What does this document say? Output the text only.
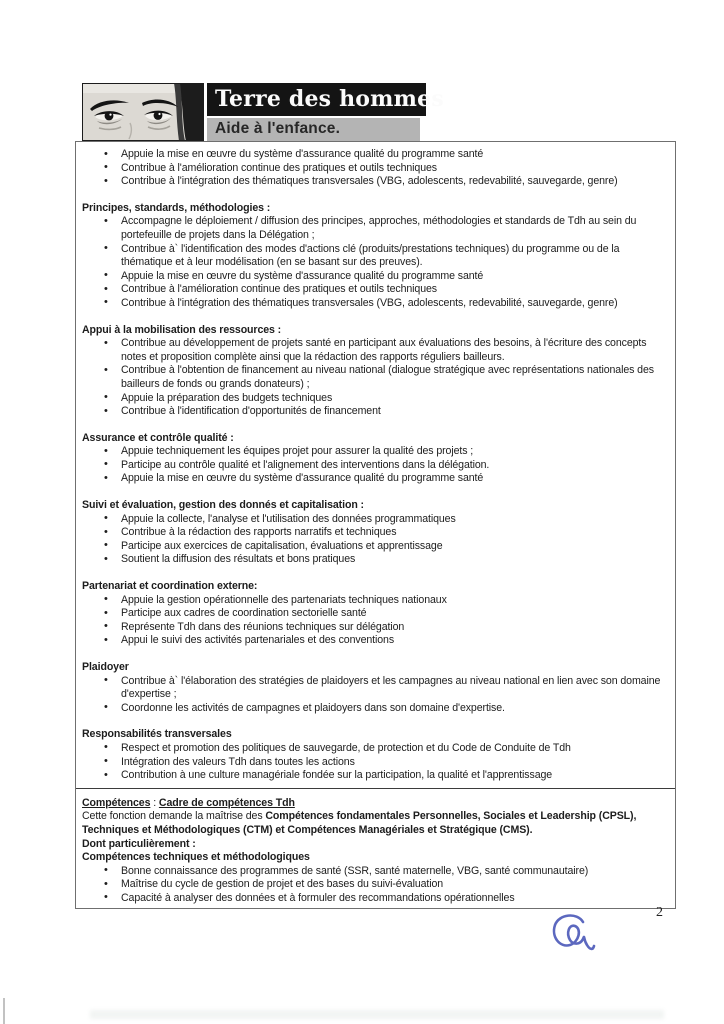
Terre des hommes
Aide à l'enfance.
• Appuie la mise en œuvre du système d'assurance qualité du programme santé
• Contribue à l'amélioration continue des pratiques et outils techniques
• Contribue à l'intégration des thématiques transversales (VBG, adolescents, redevabilité, sauvegarde, genre)
Principes, standards, méthodologies :
• Accompagne le déploiement / diffusion des principes, approches, méthodologies et standards de Tdh au sein du portefeuille de projets dans la Délégation ;
• Contribue à` l'identification des modes d'actions clé (produits/prestations techniques) du programme ou de la thématique et à leur modélisation (en se basant sur des preuves).
• Appuie la mise en œuvre du système d'assurance qualité du programme santé
• Contribue à l'amélioration continue des pratiques et outils techniques
• Contribue à l'intégration des thématiques transversales (VBG, adolescents, redevabilité, sauvegarde, genre)
Appui à la mobilisation des ressources :
• Contribue au développement de projets santé en participant aux évaluations des besoins, à l'écriture des concepts notes et proposition complète ainsi que la rédaction des rapports réguliers bailleurs.
• Contribue à l'obtention de financement au niveau national (dialogue stratégique avec représentations nationales des bailleurs de fonds ou grands donateurs) ;
• Appuie la préparation des budgets techniques
• Contribue à l'identification d'opportunités de financement
Assurance et contrôle qualité :
• Appuie techniquement les équipes projet pour assurer la qualité des projets ;
• Participe au contrôle qualité et l'alignement des interventions dans la délégation.
• Appuie la mise en œuvre du système d'assurance qualité du programme santé
Suivi et évaluation, gestion des donnés et capitalisation :
• Appuie la collecte, l'analyse et l'utilisation des données programmatiques
• Contribue à la rédaction des rapports narratifs et techniques
• Participe aux exercices de capitalisation, évaluations et apprentissage
• Soutient la diffusion des résultats et bons pratiques
Partenariat et coordination externe:
• Appuie la gestion opérationnelle des partenariats techniques nationaux
• Participe aux cadres de coordination sectorielle santé
• Représente Tdh dans des réunions techniques sur délégation
• Appui le suivi des activités partenariales et des conventions
Plaidoyer
• Contribue à` l'élaboration des stratégies de plaidoyers et les campagnes au niveau national en lien avec son domaine d'expertise ;
• Coordonne les activités de campagnes et plaidoyers dans son domaine d'expertise.
Responsabilités transversales
• Respect et promotion des politiques de sauvegarde, de protection et du Code de Conduite de Tdh
• Intégration des valeurs Tdh dans toutes les actions
• Contribution à une culture managériale fondée sur la participation, la qualité et l'apprentissage
Compétences : Cadre de compétences Tdh
Cette fonction demande la maîtrise des Compétences fondamentales Personnelles, Sociales et Leadership (CPSL), Techniques et Méthodologiques (CTM) et Compétences Managériales et Stratégique (CMS).
Dont particulièrement :
Compétences techniques et méthodologiques
• Bonne connaissance des programmes de santé (SSR, santé maternelle, VBG, santé communautaire)
• Maîtrise du cycle de gestion de projet et des bases du suivi-évaluation
• Capacité à analyser des données et à formuler des recommandations opérationnelles
2
